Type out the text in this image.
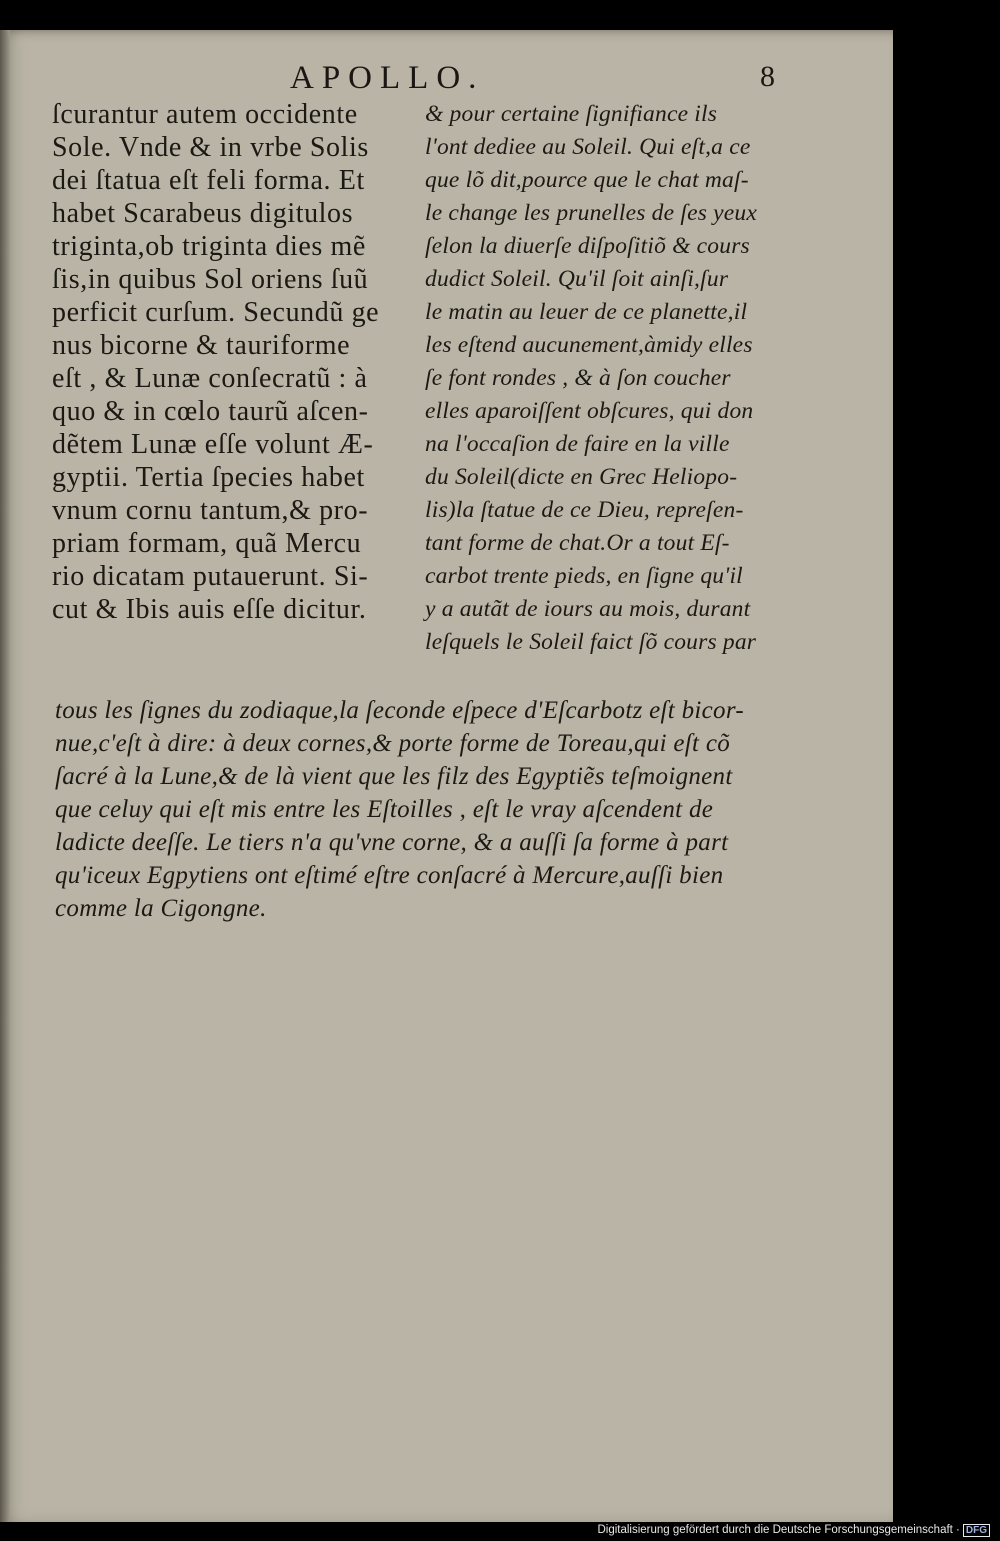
APOLLO.	8
ſcurantur autem occidente
Sole. Vnde & in vrbe Solis
dei ſtatua eſt feli forma. Et
habet Scarabeus digitulos
triginta,ob triginta dies mẽ
ſis,in quibus Sol oriens ſuũ
perficit curſum. Secundũ ge
nus bicorne & tauriforme
eſt , & Lunæ conſecratũ : à
quo & in cœlo taurũ aſcen-
dẽtem Lunæ eſſe volunt Æ-
gyptii. Tertia ſpecies habet
vnum cornu tantum,& pro-
priam formam, quã Mercu
rio dicatam putauerunt. Si-
cut & Ibis auis eſſe dicitur.
& pour certaine ſignifiance ils
l'ont dediee au Soleil. Qui eſt,a ce
que lõ dit,pource que le chat maſ-
le change les prunelles de ſes yeux
ſelon la diuerſe diſpoſitiõ & cours
dudict Soleil. Qu'il ſoit ainſi,ſur
le matin au leuer de ce planette,il
les eſtend aucunement,àmidy elles
ſe font rondes , & à ſon coucher
elles aparoiſſent obſcures, qui don
na l'occaſion de faire en la ville
du Soleil(dicte en Grec Heliopo-
lis)la ſtatue de ce Dieu, repreſen-
tant forme de chat.Or a tout Eſ-
carbot trente pieds, en ſigne qu'il
y a autãt de iours au mois, durant
leſquels le Soleil faict ſõ cours par
tous les ſignes du zodiaque,la ſeconde eſpece d'Eſcarbotz eſt bicor-
nue,c'eſt à dire: à deux cornes,& porte forme de Toreau,qui eſt cõ
ſacré à la Lune,& de là vient que les filz des Egyptiẽs teſmoignent
que celuy qui eſt mis entre les Eſtoilles , eſt le vray aſcendent de
ladicte deeſſe. Le tiers n'a qu'vne corne, & a auſſi ſa forme à part
qu'iceux Egpytiens ont eſtimé eſtre conſacré à Mercure,auſſi bien
comme la Cigongne.
Digitalisierung gefördert durch die Deutsche Forschungsgemeinschaft · DFG
